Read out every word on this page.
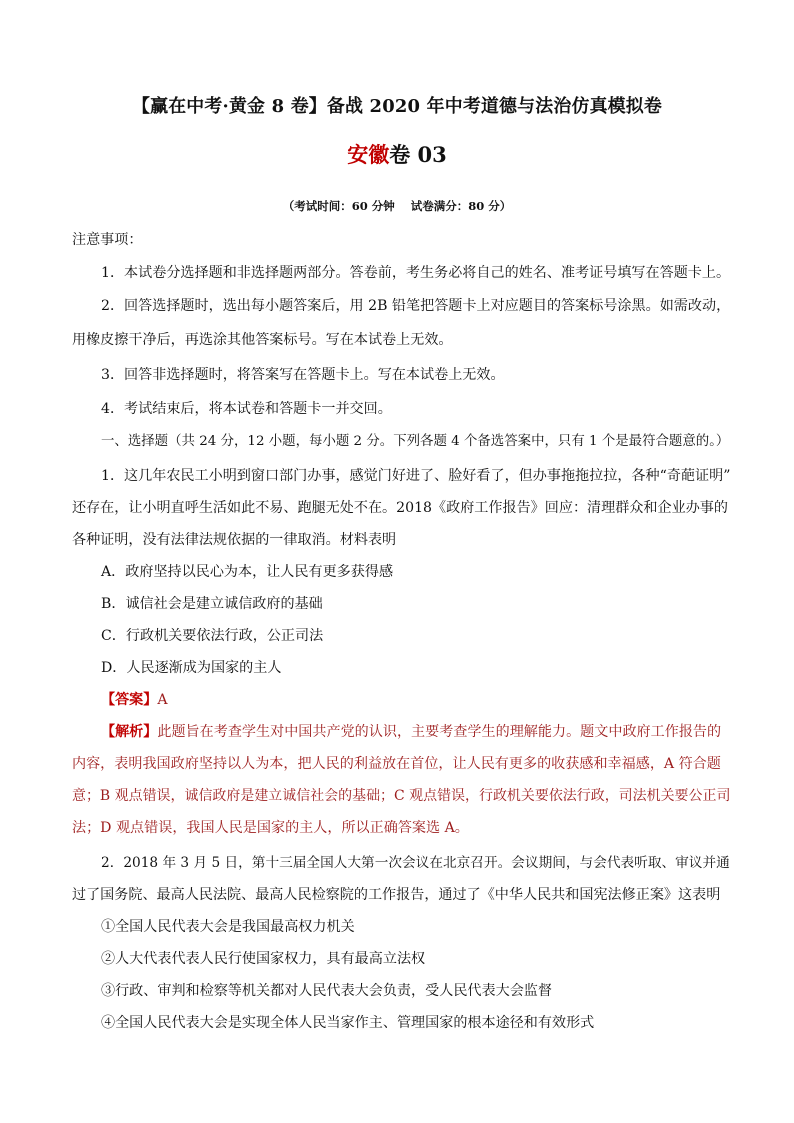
【赢在中考·黄金 8 卷】备战 2020 年中考道德与法治仿真模拟卷
安徽卷 03
（考试时间：60 分钟    试卷满分：80 分）
注意事项：
1．本试卷分选择题和非选择题两部分。答卷前，考生务必将自己的姓名、准考证号填写在答题卡上。
2．回答选择题时，选出每小题答案后，用 2B 铅笔把答题卡上对应题目的答案标号涂黑。如需改动，
用橡皮擦干净后，再选涂其他答案标号。写在本试卷上无效。
3．回答非选择题时，将答案写在答题卡上。写在本试卷上无效。
4．考试结束后，将本试卷和答题卡一并交回。
一、选择题（共 24 分，12 小题，每小题 2 分。下列各题 4 个备选答案中，只有 1 个是最符合题意的。）
1．这几年农民工小明到窗口部门办事，感觉门好进了、脸好看了，但办事拖拖拉拉，各种“奇葩证明”
还存在，让小明直呼生活如此不易、跑腿无处不在。2018《政府工作报告》回应：清理群众和企业办事的
各种证明，没有法律法规依据的一律取消。材料表明
A．政府坚持以民心为本，让人民有更多获得感
B．诚信社会是建立诚信政府的基础
C．行政机关要依法行政，公正司法
D．人民逐渐成为国家的主人
【答案】A
【解析】此题旨在考查学生对中国共产党的认识，主要考查学生的理解能力。题文中政府工作报告的
内容，表明我国政府坚持以人为本，把人民的利益放在首位，让人民有更多的收获感和幸福感，A 符合题
意；B 观点错误，诚信政府是建立诚信社会的基础；C 观点错误，行政机关要依法行政，司法机关要公正司
法；D 观点错误，我国人民是国家的主人，所以正确答案选 A。
2．2018 年 3 月 5 日，第十三届全国人大第一次会议在北京召开。会议期间，与会代表听取、审议并通
过了国务院、最高人民法院、最高人民检察院的工作报告，通过了《中华人民共和国宪法修正案》这表明
①全国人民代表大会是我国最高权力机关
②人大代表代表人民行使国家权力，具有最高立法权
③行政、审判和检察等机关都对人民代表大会负责，受人民代表大会监督
④全国人民代表大会是实现全体人民当家作主、管理国家的根本途径和有效形式
